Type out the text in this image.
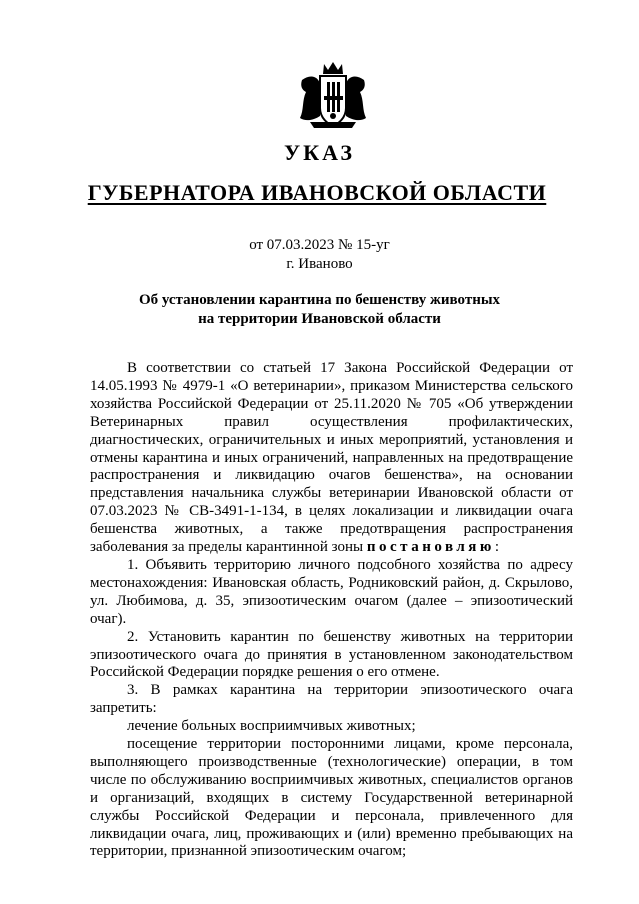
УКАЗ
ГУБЕРНАТОРА ИВАНОВСКОЙ ОБЛАСТИ
от 07.03.2023 № 15-уг
г. Иваново
Об установлении карантина по бешенству животных
на территории Ивановской области

В соответствии со статьей 17 Закона Российской Федерации от 14.05.1993 № 4979-1 «О ветеринарии», приказом Министерства сельского хозяйства Российской Федерации от 25.11.2020 № 705 «Об утверждении Ветеринарных правил осуществления профилактических, диагностических, ограничительных и иных мероприятий, установления и отмены карантина и иных ограничений, направленных на предотвращение распространения и ликвидацию очагов бешенства», на основании представления начальника службы ветеринарии Ивановской области от 07.03.2023 № СВ-3491-1-134, в целях локализации и ликвидации очага бешенства животных, а также предотвращения распространения заболевания за пределы карантинной зоны постановляю:

1. Объявить территорию личного подсобного хозяйства по адресу местонахождения: Ивановская область, Родниковский район, д. Скрылово, ул. Любимова, д. 35, эпизоотическим очагом (далее – эпизоотический очаг).

2. Установить карантин по бешенству животных на территории эпизоотического очага до принятия в установленном законодательством Российской Федерации порядке решения о его отмене.

3. В рамках карантина на территории эпизоотического очага запретить:

лечение больных восприимчивых животных;

посещение территории посторонними лицами, кроме персонала, выполняющего производственные (технологические) операции, в том числе по обслуживанию восприимчивых животных, специалистов органов и организаций, входящих в систему Государственной ветеринарной службы Российской Федерации и персонала, привлеченного для ликвидации очага, лиц, проживающих и (или) временно пребывающих на территории, признанной эпизоотическим очагом;
